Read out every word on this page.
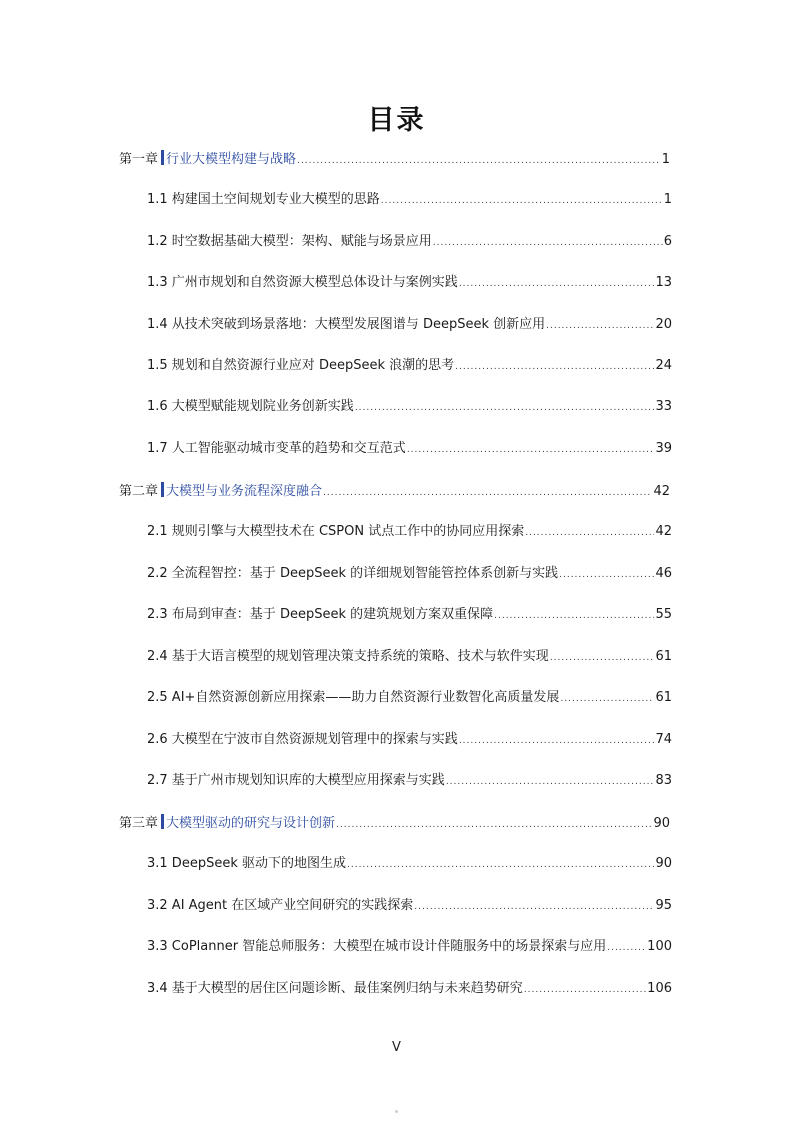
目录
第一章 行业大模型构建与战略 .....	1
1.1 构建国土空间规划专业大模型的思路 .....	1
1.2 时空数据基础大模型：架构、赋能与场景应用 .....	6
1.3 广州市规划和自然资源大模型总体设计与案例实践 .....	13
1.4 从技术突破到场景落地：大模型发展图谱与 DeepSeek 创新应用 .....	20
1.5 规划和自然资源行业应对 DeepSeek 浪潮的思考 .....	24
1.6 大模型赋能规划院业务创新实践 .....	33
1.7 人工智能驱动城市变革的趋势和交互范式 .....	39
第二章 大模型与业务流程深度融合 .....	42
2.1 规则引擎与大模型技术在 CSPON 试点工作中的协同应用探索 .....	42
2.2 全流程智控：基于 DeepSeek 的详细规划智能管控体系创新与实践 .....	46
2.3 布局到审查：基于 DeepSeek 的建筑规划方案双重保障 .....	55
2.4 基于大语言模型的规划管理决策支持系统的策略、技术与软件实现 .....	61
2.5 AI+自然资源创新应用探索——助力自然资源行业数智化高质量发展 .....	61
2.6 大模型在宁波市自然资源规划管理中的探索与实践 .....	74
2.7 基于广州市规划知识库的大模型应用探索与实践 .....	83
第三章 大模型驱动的研究与设计创新 .....	90
3.1 DeepSeek 驱动下的地图生成 .....	90
3.2 AI Agent 在区域产业空间研究的实践探索 .....	95
3.3 CoPlanner 智能总师服务：大模型在城市设计伴随服务中的场景探索与应用 .....	100
3.4 基于大模型的居住区问题诊断、最佳案例归纳与未来趋势研究 .....	106
V
